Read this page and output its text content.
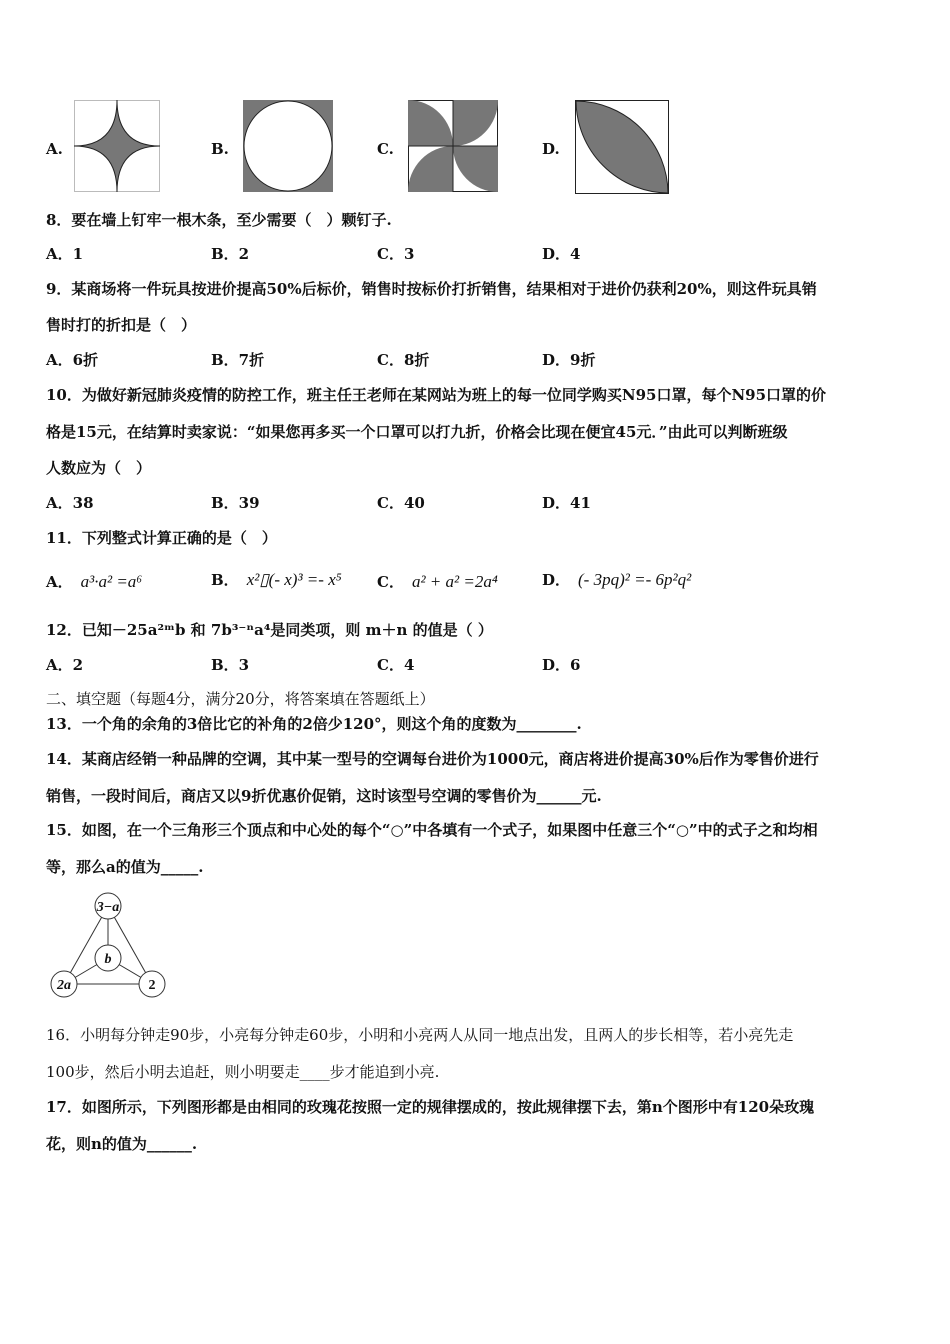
A.	B.	C.	D.
8．要在墙上钉牢一根木条，至少需要（　）颗钉子.
A．1	B．2	C．3	D．4
9．某商场将一件玩具按进价提高50%后标价，销售时按标价打折销售，结果相对于进价仍获利20%，则这件玩具销
售时打的折扣是（　）
A．6折	B．7折	C．8折	D．9折
10．为做好新冠肺炎疫情的防控工作，班主任王老师在某网站为班上的每一位同学购买N95口罩，每个N95口罩的价
格是15元，在结算时卖家说：“如果您再多买一个口罩可以打九折，价格会比现在便宜45元．”由此可以判断班级
人数应为（　）
A．38	B．39	C．40	D．41
11．下列整式计算正确的是（　）
A． a³·a² =a⁶	B． x²▯(- x)³ =- x⁵ C． a² + a² =2a⁴	D． (- 3pq)² =- 6p²q²
12．已知－25a²ᵐb 和 7b³⁻ⁿa⁴是同类项，则 m＋n 的值是（ ）
A．2	B．3	C．4	D．6
二、填空题（每题4分，满分20分，将答案填在答题纸上）
13．一个角的余角的3倍比它的补角的2倍少120°，则这个角的度数为________.
14．某商店经销一种品牌的空调，其中某一型号的空调每台进价为1000元，商店将进价提高30%后作为零售价进行
销售，一段时间后，商店又以9折优惠价促销，这时该型号空调的零售价为______元.
15．如图，在一个三角形三个顶点和中心处的每个“○”中各填有一个式子，如果图中任意三个“○”中的式子之和均相
等，那么a的值为_____.
3−a
b
2a	2
16．小明每分钟走90步，小亮每分钟走60步，小明和小亮两人从同一地点出发，且两人的步长相等，若小亮先走
100步，然后小明去追赶，则小明要走____步才能追到小亮.
17．如图所示，下列图形都是由相同的玫瑰花按照一定的规律摆成的，按此规律摆下去，第n个图形中有120朵玫瑰
花，则n的值为______.
